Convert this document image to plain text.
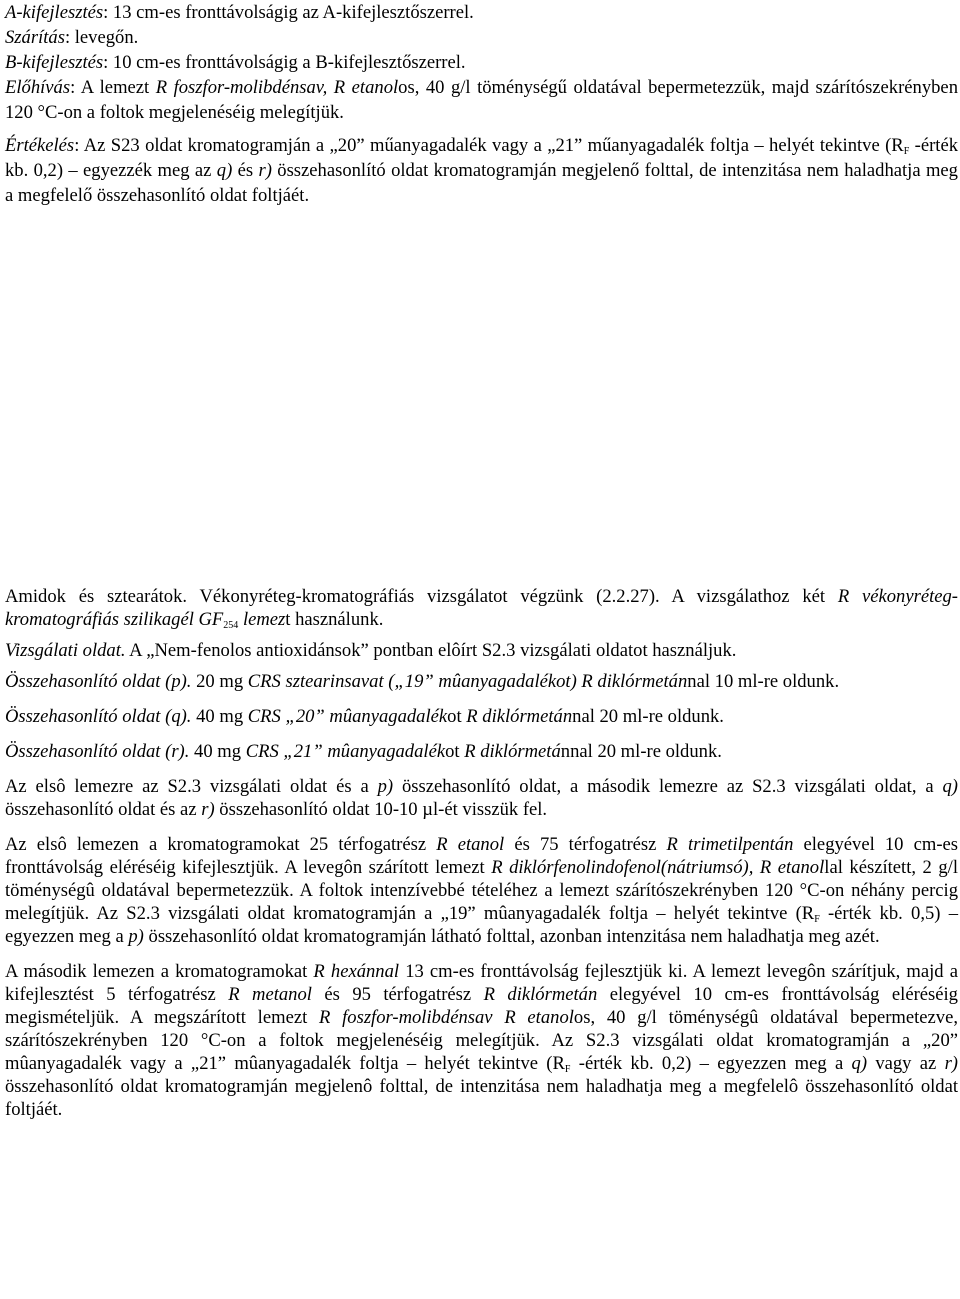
A-kifejlesztés: 13 cm-es fronttávolságig az A-kifejlesztőszerrel.

Szárítás: levegőn.

B-kifejlesztés: 10 cm-es fronttávolságig a B-kifejlesztőszerrel.

Előhívás: A lemezt R foszfor-molibdénsav, R etanolos, 40 g/l töménységű oldatával bepermetezzük, majd szárítószekrényben 120 °C-on a foltok megjelenéséig melegítjük.

Értékelés: Az S23 oldat kromatogramján a „20” műanyagadalék vagy a „21” műanyagadalék foltja – helyét tekintve ($R_F$ -érték kb. 0,2) – egyezzék meg az q) és r) összehasonlító oldat kromatogramján megjelenő folttal, de intenzitása nem haladhatja meg a megfelelő összehasonlító oldat foltjáét.

Amidok és sztearátok. Vékonyréteg-kromatográfiás vizsgálatot végzünk (2.2.27). A vizsgálathoz két R vékonyréteg-kromatográfiás szilikagél $GF_{254}$ lemezt használunk.

Vizsgálati oldat. A „Nem-fenolos antioxidánsok” pontban elôírt S2.3 vizsgálati oldatot használjuk.

Összehasonlító oldat (p). 20 mg CRS sztearinsavat („19” mûanyagadalékot) R diklórmetánnal 10 ml-re oldunk.

Összehasonlító oldat (q). 40 mg CRS „20” mûanyagadalékot R diklórmetánnal 20 ml-re oldunk.

Összehasonlító oldat (r). 40 mg CRS „21” mûanyagadalékot R diklórmetánnal 20 ml-re oldunk.

Az elsô lemezre az S2.3 vizsgálati oldat és a p) összehasonlító oldat, a második lemezre az S2.3 vizsgálati oldat, a q) összehasonlító oldat és az r) összehasonlító oldat 10-10 µl-ét visszük fel.

Az elsô lemezen a kromatogramokat 25 térfogatrész R etanol és 75 térfogatrész R trimetilpentán elegyével 10 cm-es fronttávolság eléréséig kifejlesztjük. A levegôn szárított lemezt R diklórfenolindofenol(nátriumsó), R etanollal készített, 2 g/l töménységû oldatával bepermetezzük. A foltok intenzívebbé tételéhez a lemezt szárítószekrényben 120 °C-on néhány percig melegítjük. Az S2.3 vizsgálati oldat kromatogramján a „19” mûanyagadalék foltja – helyét tekintve ($R_F$ -érték kb. 0,5) – egyezzen meg a p) összehasonlító oldat kromatogramján látható folttal, azonban intenzitása nem haladhatja meg azét.

A második lemezen a kromatogramokat R hexánnal 13 cm-es fronttávolság fejlesztjük ki. A lemezt levegôn szárítjuk, majd a kifejlesztést 5 térfogatrész R metanol és 95 térfogatrész R diklórmetán elegyével 10 cm-es fronttávolság eléréséig megismételjük. A megszárított lemezt R foszfor-molibdénsav R etanolos, 40 g/l töménységû oldatával bepermetezve, szárítószekrényben 120 °C-on a foltok megjelenéséig melegítjük. Az S2.3 vizsgálati oldat kromatogramján a „20” mûanyagadalék vagy a „21” mûanyagadalék foltja – helyét tekintve ($R_F$ -érték kb. 0,2) – egyezzen meg a q) vagy az r) összehasonlító oldat kromatogramján megjelenô folttal, de intenzitása nem haladhatja meg a megfelelô összehasonlító oldat foltjáét.
